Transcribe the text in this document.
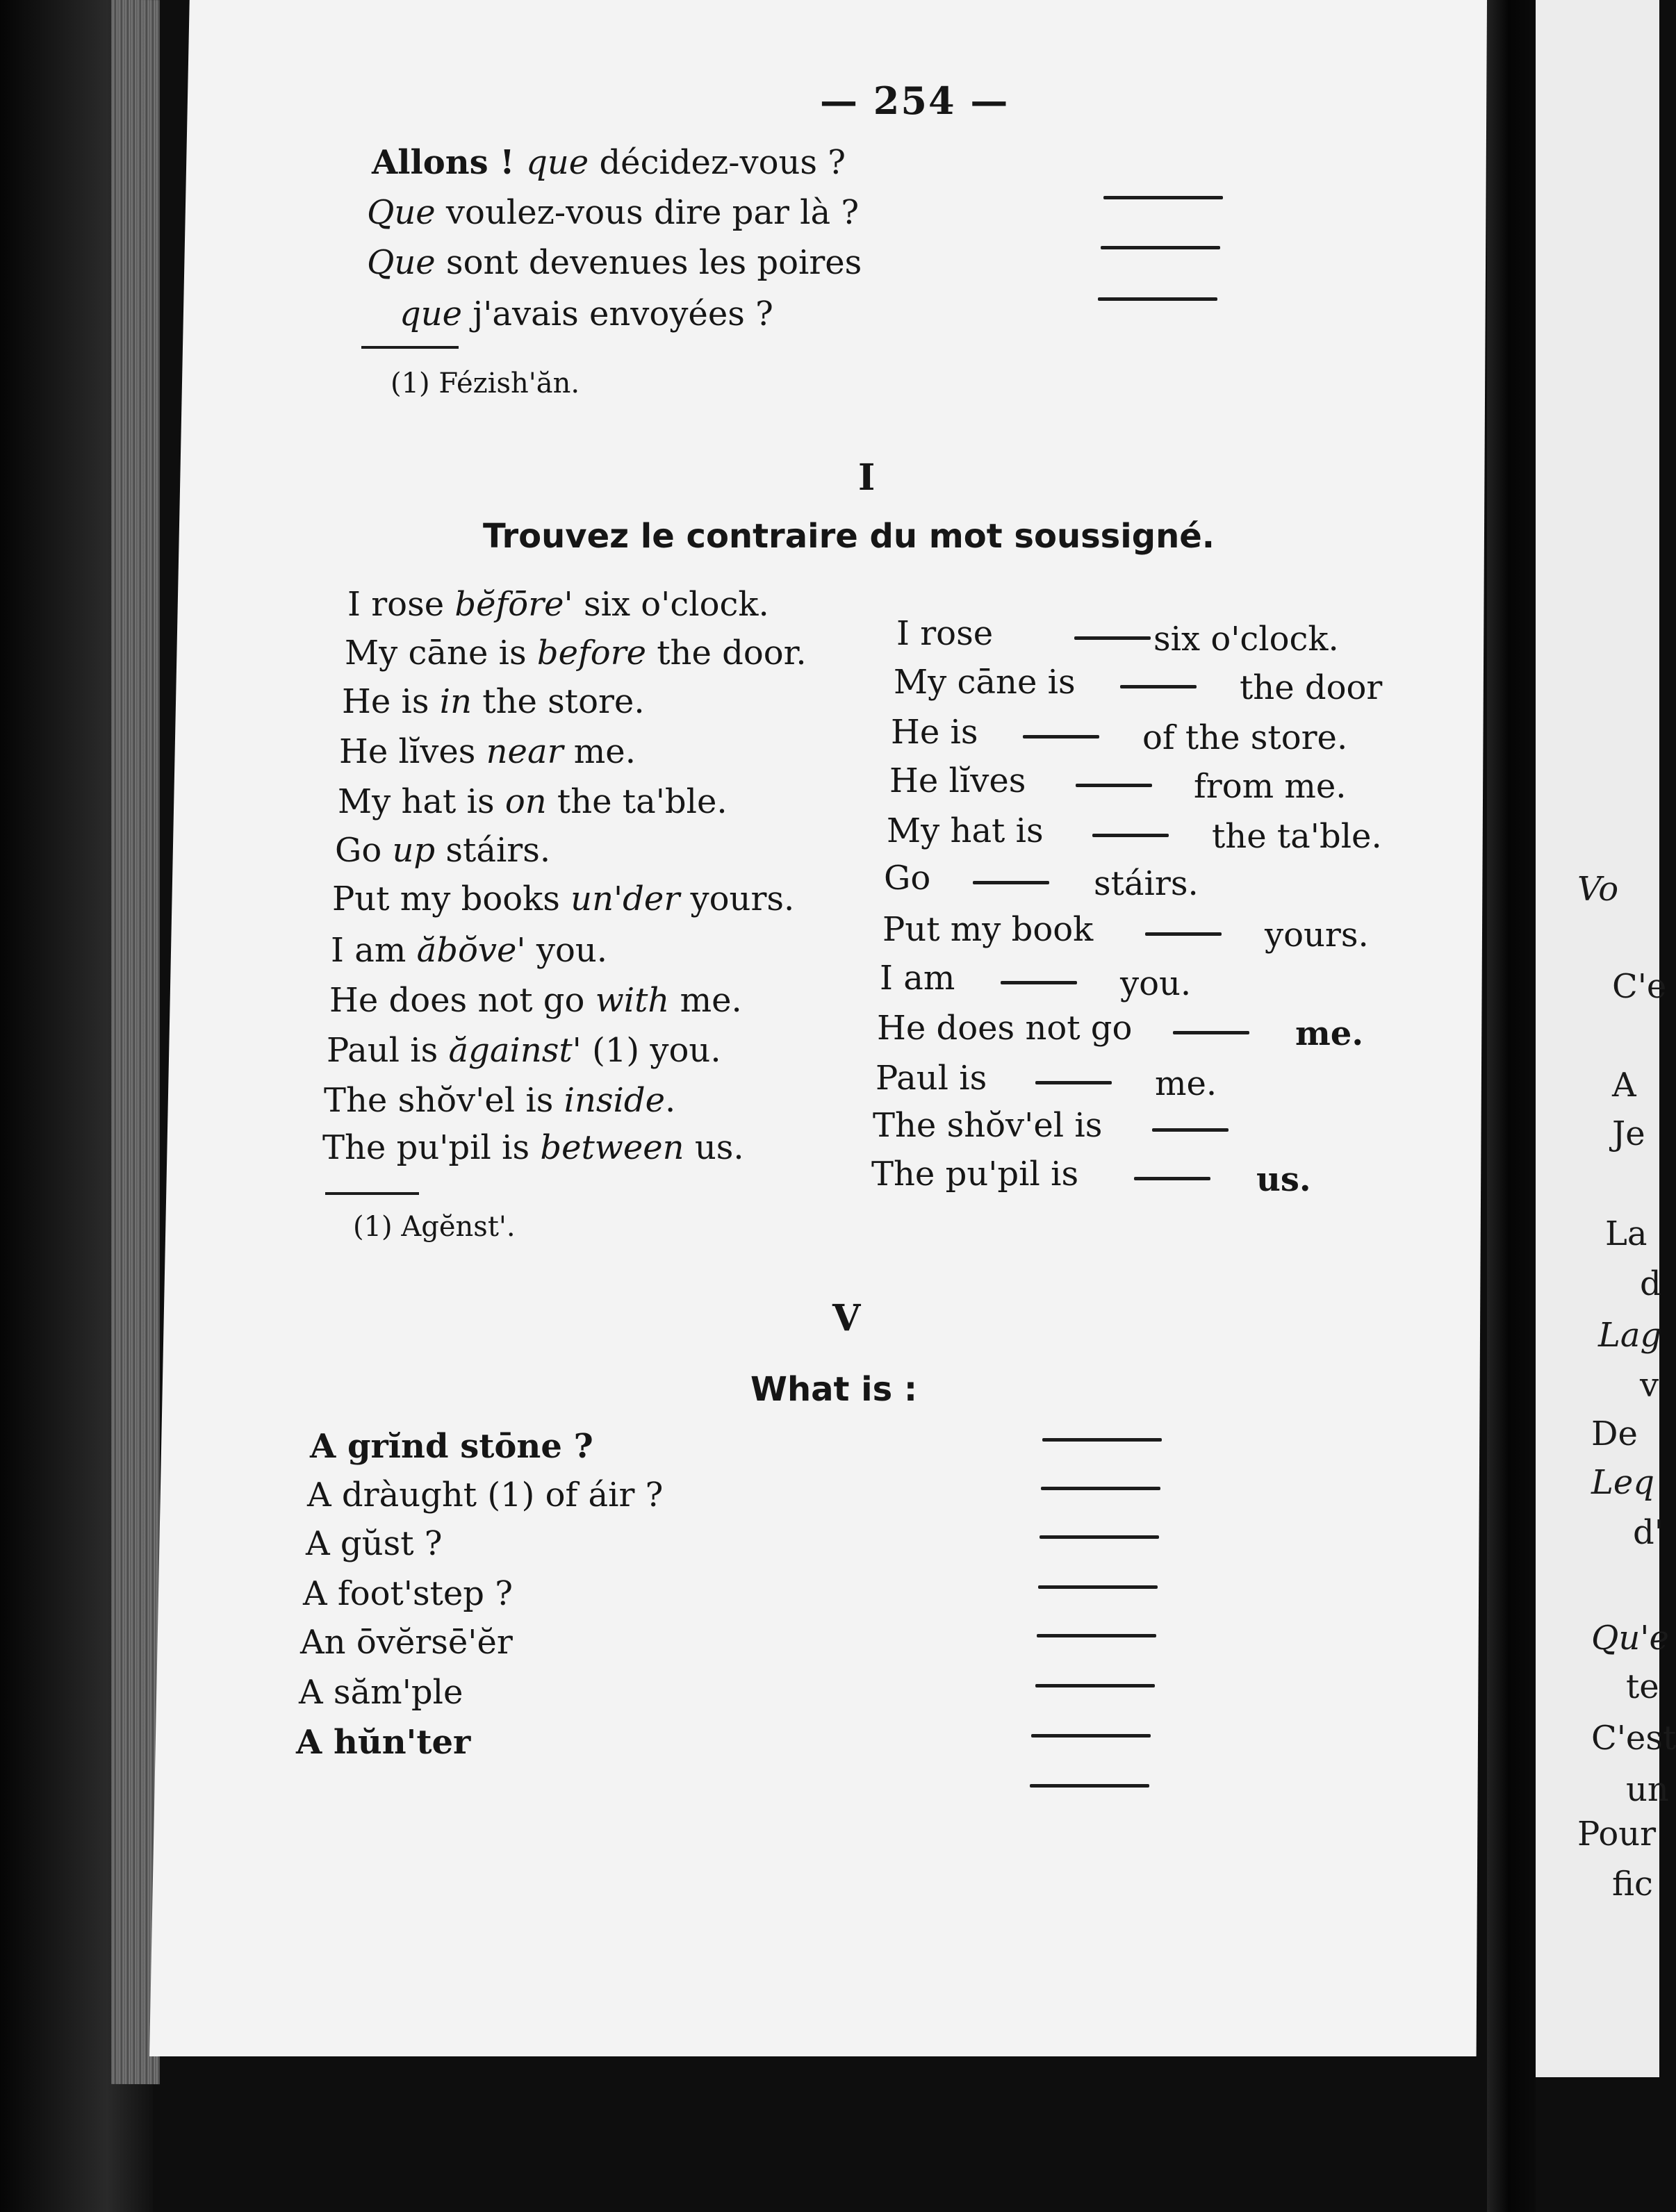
Vo
C'e
A
Je
La
d
Lag
v
De
Leq
d'
Qu'e
te
C'est
un
Pour
fic
— 254 —
Allons ! que décidez-vous ?
Que voulez-vous dire par là ?
Que sont devenues les poires
que j'avais envoyées ?
(1) Fézish'ăn.
I
Trouvez le contraire du mot soussigné.
(1) Agĕnst'.
V
What is :
I rose bĕfōre' six o'clock.
My cāne is before the door.
He is in the store.
He lĭves near me.
My hat is on the ta'ble.
Go up stáirs.
Put my books un'der yours.
I am ăbŏve' you.
He does not go with me.
Paul is ăgainst' (1) you.
The shŏv'el is inside.
The pu'pil is between us.
I rose	six o'clock.
My cāne is	the door
He is	of the store.
He lĭves	from me.
My hat is	the ta'ble.
Go	stáirs.
Put my book	yours.
I am	you.
He does not go	me.
Paul is	me.
The shŏv'el is
The pu'pil is	us.
A grĭnd stōne ?
A dràught (1) of áir ?
A gŭst ?
A foot'step ?
An ōvĕrsē'ĕr
A săm'ple
A hŭn'ter
